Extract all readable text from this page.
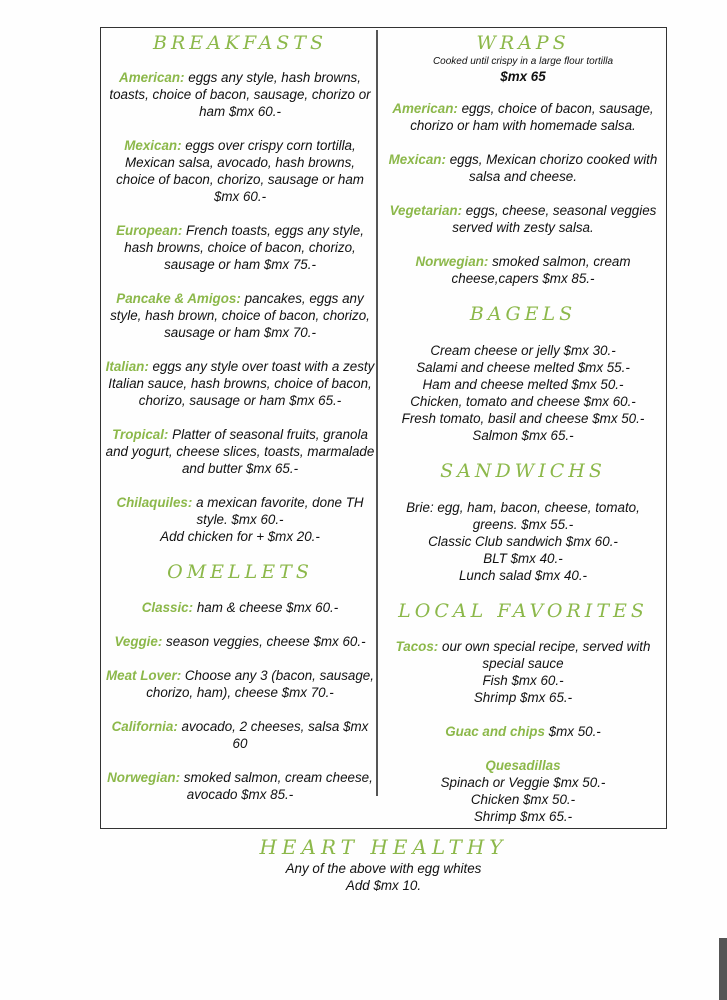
BREAKFASTS

American: eggs any style, hash browns, toasts, choice of bacon, sausage, chorizo or ham $mx 60.-

Mexican: eggs over crispy corn tortilla, Mexican salsa, avocado, hash browns, choice of bacon, chorizo, sausage or ham $mx 60.-

European: French toasts, eggs any style, hash browns, choice of bacon, chorizo, sausage or ham $mx 75.-

Pancake & Amigos: pancakes, eggs any style, hash brown, choice of bacon, chorizo, sausage or ham $mx 70.-

Italian: eggs any style over toast with a zesty Italian sauce, hash browns, choice of bacon, chorizo, sausage or ham $mx 65.-

Tropical: Platter of seasonal fruits, granola and yogurt, cheese slices, toasts, marmalade and butter $mx 65.-

Chilaquiles: a mexican favorite, done TH style. $mx 60.-
Add chicken for + $mx 20.-

OMELLETS

Classic: ham & cheese $mx 60.-

Veggie: season veggies, cheese $mx 60.-

Meat Lover: Choose any 3 (bacon, sausage, chorizo, ham), cheese $mx 70.-

California: avocado, 2 cheeses, salsa $mx 60

Norwegian: smoked salmon, cream cheese, avocado $mx 85.-

WRAPS

Cooked until crispy in a large flour tortilla

$mx 65

American: eggs, choice of bacon, sausage, chorizo or ham with homemade salsa.

Mexican: eggs, Mexican chorizo cooked with salsa and cheese.

Vegetarian: eggs, cheese, seasonal veggies served with zesty salsa.

Norwegian: smoked salmon, cream cheese,capers $mx 85.-

BAGELS

Cream cheese or jelly $mx 30.-

Salami and cheese melted $mx 55.-

Ham and cheese melted $mx 50.-

Chicken, tomato and cheese $mx 60.-

Fresh tomato, basil and cheese $mx 50.-

Salmon $mx 65.-

SANDWICHS

Brie: egg, ham, bacon, cheese, tomato, greens. $mx 55.-

Classic Club sandwich $mx 60.-

BLT $mx 40.-

Lunch salad $mx 40.-

LOCAL FAVORITES

Tacos: our own special recipe, served with special sauce

Fish $mx 60.-

Shrimp $mx 65.-

Guac and chips $mx 50.-

Quesadillas

Spinach or Veggie $mx 50.-

Chicken $mx 50.-

Shrimp $mx 65.-

HEART HEALTHY

Any of the above with egg whites

Add $mx 10.
